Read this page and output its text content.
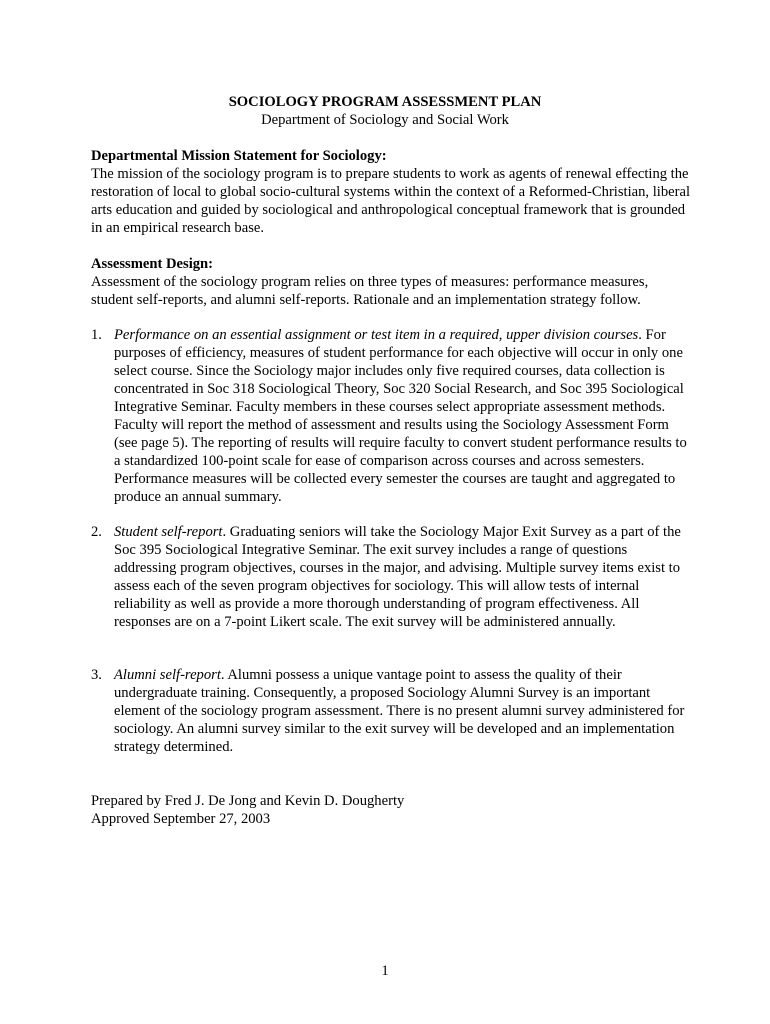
SOCIOLOGY PROGRAM ASSESSMENT PLAN
Department of Sociology and Social Work
Departmental Mission Statement for Sociology:

The mission of the sociology program is to prepare students to work as agents of renewal effecting the restoration of local to global socio-cultural systems within the context of a Reformed-Christian, liberal arts education and guided by sociological and anthropological conceptual framework that is grounded in an empirical research base.

Assessment Design:

Assessment of the sociology program relies on three types of measures: performance measures, student self-reports, and alumni self-reports. Rationale and an implementation strategy follow.

1. Performance on an essential assignment or test item in a required, upper division courses. For purposes of efficiency, measures of student performance for each objective will occur in only one select course. Since the Sociology major includes only five required courses, data collection is concentrated in Soc 318 Sociological Theory, Soc 320 Social Research, and Soc 395 Sociological Integrative Seminar. Faculty members in these courses select appropriate assessment methods. Faculty will report the method of assessment and results using the Sociology Assessment Form (see page 5). The reporting of results will require faculty to convert student performance results to a standardized 100-point scale for ease of comparison across courses and across semesters. Performance measures will be collected every semester the courses are taught and aggregated to produce an annual summary.
2. Student self-report. Graduating seniors will take the Sociology Major Exit Survey as a part of the Soc 395 Sociological Integrative Seminar. The exit survey includes a range of questions addressing program objectives, courses in the major, and advising. Multiple survey items exist to assess each of the seven program objectives for sociology. This will allow tests of internal reliability as well as provide a more thorough understanding of program effectiveness. All responses are on a 7-point Likert scale. The exit survey will be administered annually.
3. Alumni self-report. Alumni possess a unique vantage point to assess the quality of their undergraduate training. Consequently, a proposed Sociology Alumni Survey is an important element of the sociology program assessment. There is no present alumni survey administered for sociology. An alumni survey similar to the exit survey will be developed and an implementation strategy determined.
Prepared by Fred J. De Jong and Kevin D. Dougherty
Approved September 27, 2003
1
